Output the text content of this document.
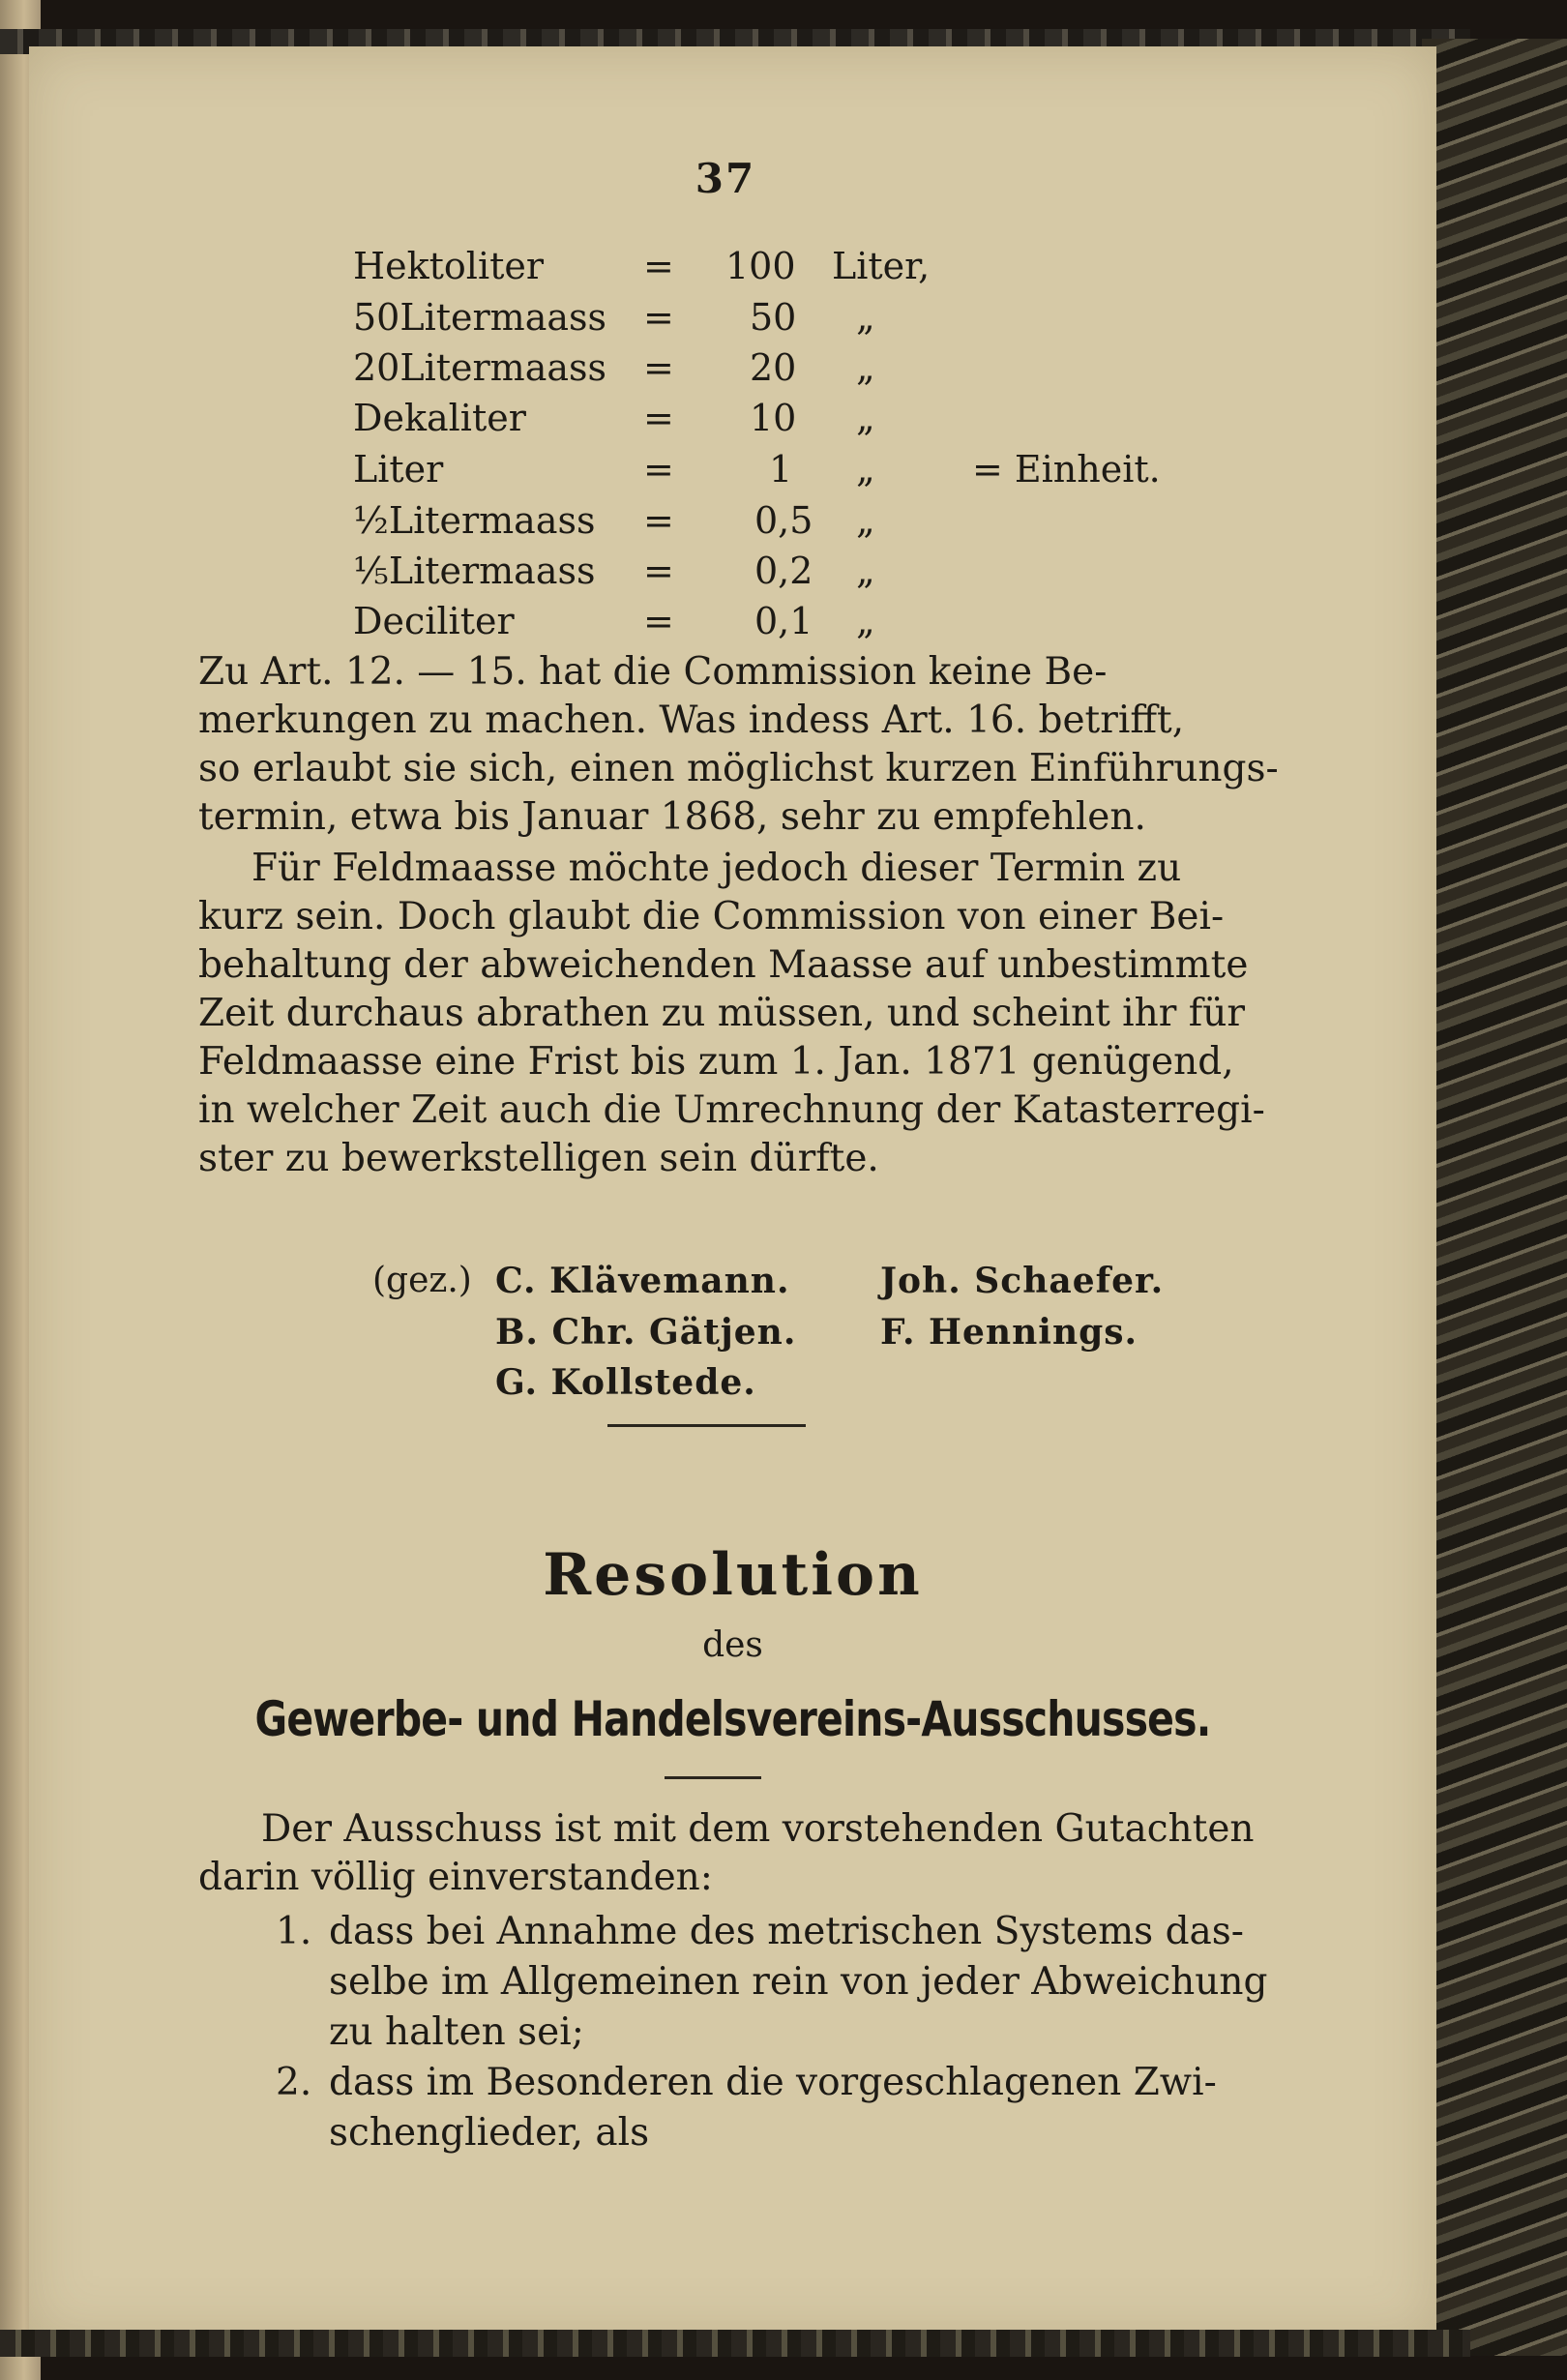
37
Hektoliter	= 100 Liter,
50Litermaass = 50 „
20Litermaass = 20 „
Dekaliter	= 10 „
Liter	=	1 „	= Einheit.
½Litermaass = 0,5 „
⅕Litermaass = 0,2 „
Deciliter	= 0,1 „
Zu Art. 12. — 15. hat die Commission keine Be-
merkungen zu machen. Was indess Art. 16. betrifft,
so erlaubt sie sich, einen möglichst kurzen Einführungs-
termin, etwa bis Januar 1868, sehr zu empfehlen.
Für Feldmaasse möchte jedoch dieser Termin zu
kurz sein. Doch glaubt die Commission von einer Bei-
behaltung der abweichenden Maasse auf unbestimmte
Zeit durchaus abrathen zu müssen, und scheint ihr für
Feldmaasse eine Frist bis zum 1. Jan. 1871 genügend,
in welcher Zeit auch die Umrechnung der Katasterregi-
ster zu bewerkstelligen sein dürfte.
(gez.) C. Klävemann.	Joh. Schaefer.
B. Chr. Gätjen. F. Hennings.
G. Kollstede.
Resolution
des
Gewerbe- und Handelsvereins-Ausschusses.
Der Ausschuss ist mit dem vorstehenden Gutachten
darin völlig einverstanden:
1. dass bei Annahme des metrischen Systems das-
selbe im Allgemeinen rein von jeder Abweichung
zu halten sei;
2. dass im Besonderen die vorgeschlagenen Zwi-
schenglieder, als
